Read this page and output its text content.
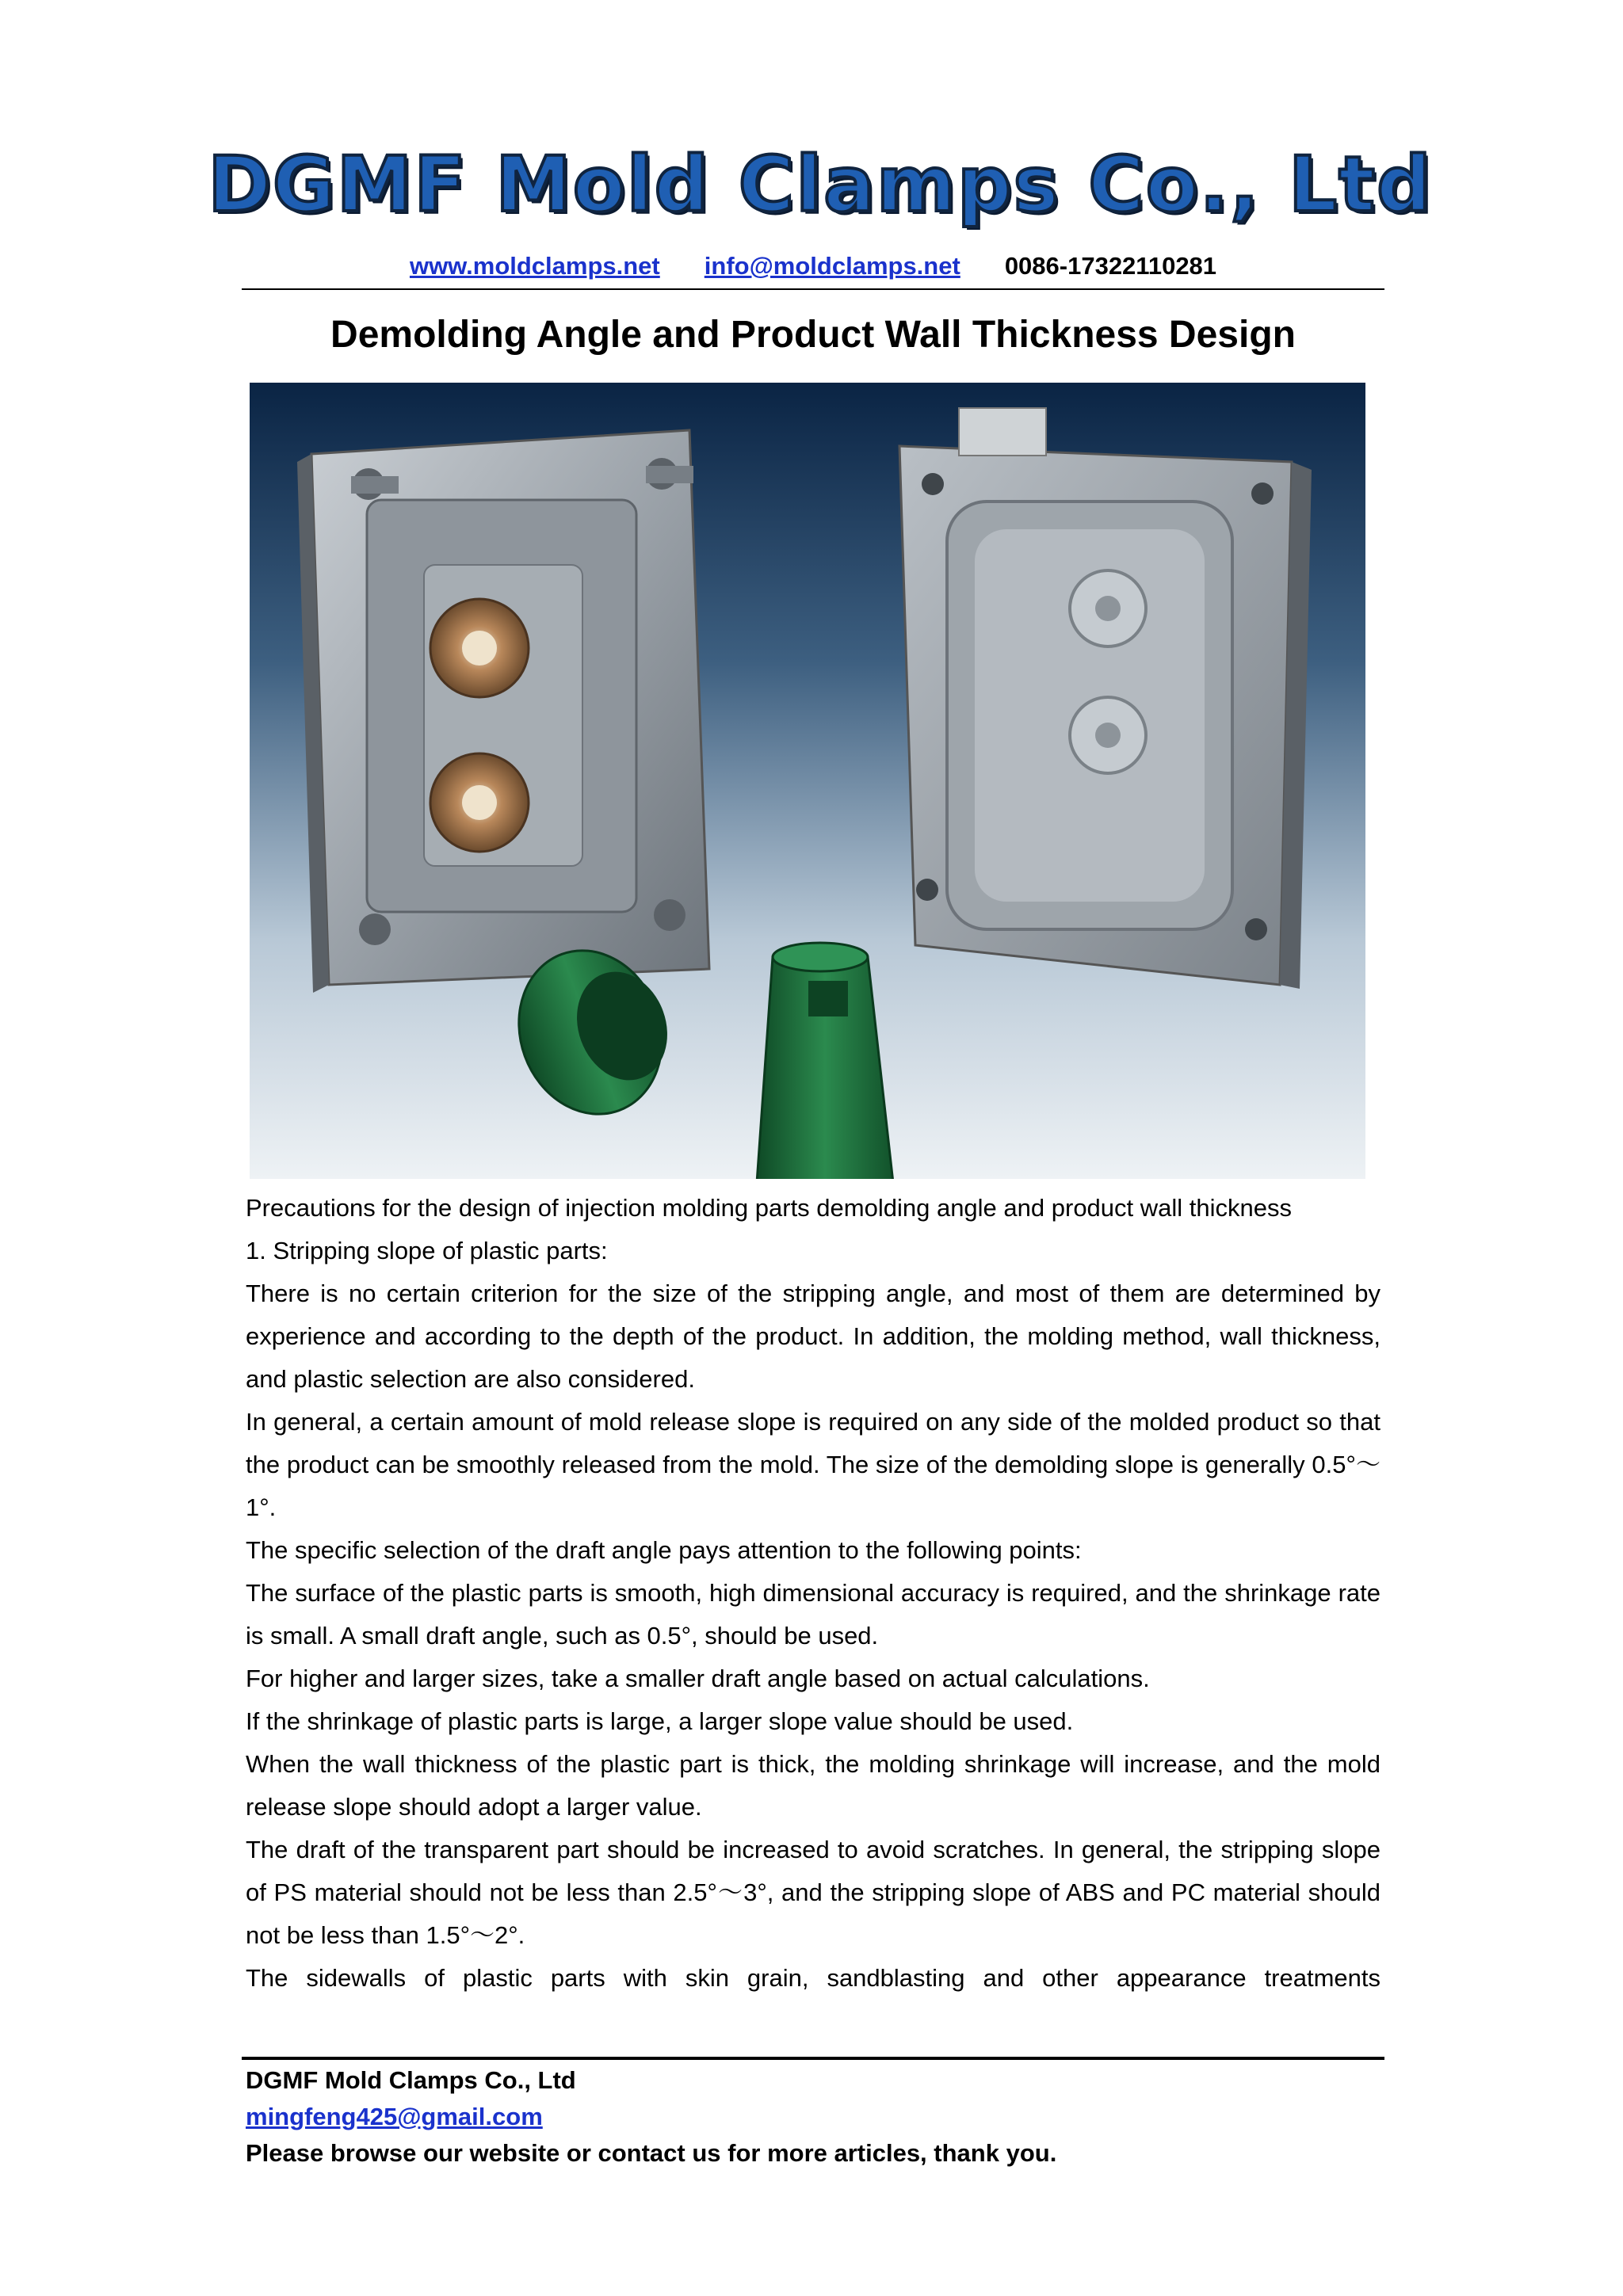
DGMF Mold Clamps Co., Ltd
www.moldclamps.net info@moldclamps.net 0086-17322110281
Demolding Angle and Product Wall Thickness Design

Precautions for the design of injection molding parts demolding angle and product wall thickness

1. Stripping slope of plastic parts:

There is no certain criterion for the size of the stripping angle, and most of them are determined by experience and according to the depth of the product. In addition, the molding method, wall thickness, and plastic selection are also considered.

In general, a certain amount of mold release slope is required on any side of the molded product so that the product can be smoothly released from the mold. The size of the demolding slope is generally 0.5°～1°.

The specific selection of the draft angle pays attention to the following points:

The surface of the plastic parts is smooth, high dimensional accuracy is required, and the shrinkage rate is small. A small draft angle, such as 0.5°, should be used.

For higher and larger sizes, take a smaller draft angle based on actual calculations.

If the shrinkage of plastic parts is large, a larger slope value should be used.

When the wall thickness of the plastic part is thick, the molding shrinkage will increase, and the mold release slope should adopt a larger value.

The draft of the transparent part should be increased to avoid scratches. In general, the stripping slope of PS material should not be less than 2.5°～3°, and the stripping slope of ABS and PC material should not be less than 1.5°～2°.

The sidewalls of plastic parts with skin grain, sandblasting and other appearance treatments

DGMF Mold Clamps Co., Ltd
mingfeng425@gmail.com
Please browse our website or contact us for more articles, thank you.
